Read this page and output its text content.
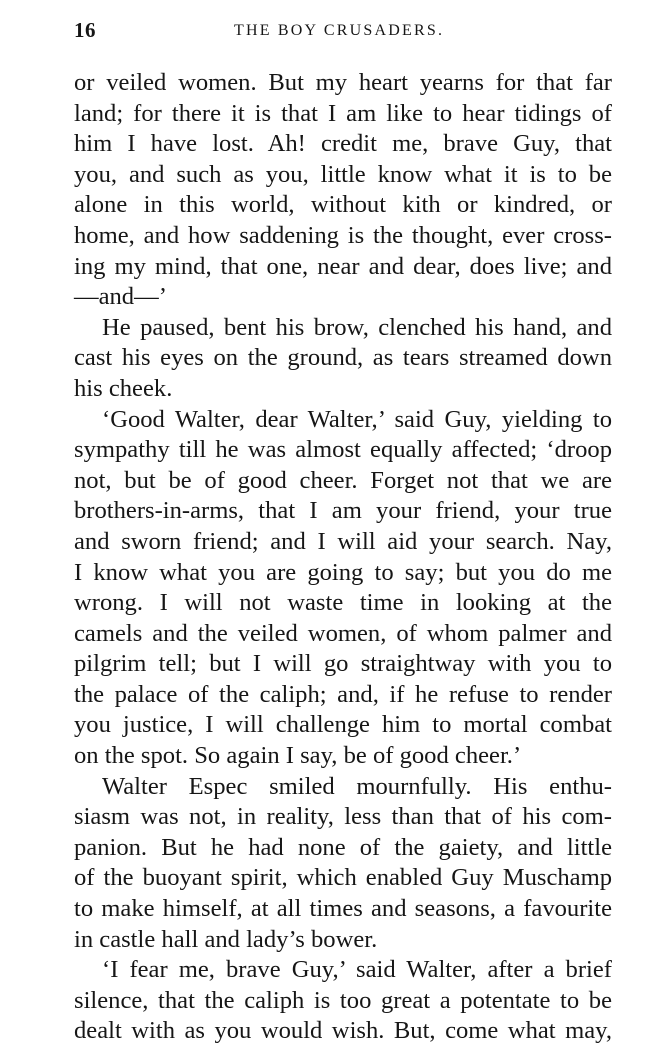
16	THE BOY CRUSADERS.

or veiled women. But my heart yearns for that far
land; for there it is that I am like to hear tidings of
him I have lost. Ah! credit me, brave Guy, that
you, and such as you, little know what it is to be
alone in this world, without kith or kindred, or
home, and how saddening is the thought, ever cross-
ing my mind, that one, near and dear, does live; and
—and—’

He paused, bent his brow, clenched his hand, and
cast his eyes on the ground, as tears streamed down
his cheek.

‘Good Walter, dear Walter,’ said Guy, yielding to
sympathy till he was almost equally affected; ‘droop
not, but be of good cheer. Forget not that we are
brothers-in-arms, that I am your friend, your true
and sworn friend; and I will aid your search. Nay,
I know what you are going to say; but you do me
wrong. I will not waste time in looking at the
camels and the veiled women, of whom palmer and
pilgrim tell; but I will go straightway with you to
the palace of the caliph; and, if he refuse to render
you justice, I will challenge him to mortal combat
on the spot. So again I say, be of good cheer.’

Walter Espec smiled mournfully. His enthu-
siasm was not, in reality, less than that of his com-
panion. But he had none of the gaiety, and little
of the buoyant spirit, which enabled Guy Muschamp
to make himself, at all times and seasons, a favourite
in castle hall and lady’s bower.

‘I fear me, brave Guy,’ said Walter, after a brief
silence, that the caliph is too great a potentate to be
dealt with as you would wish. But, come what may,
